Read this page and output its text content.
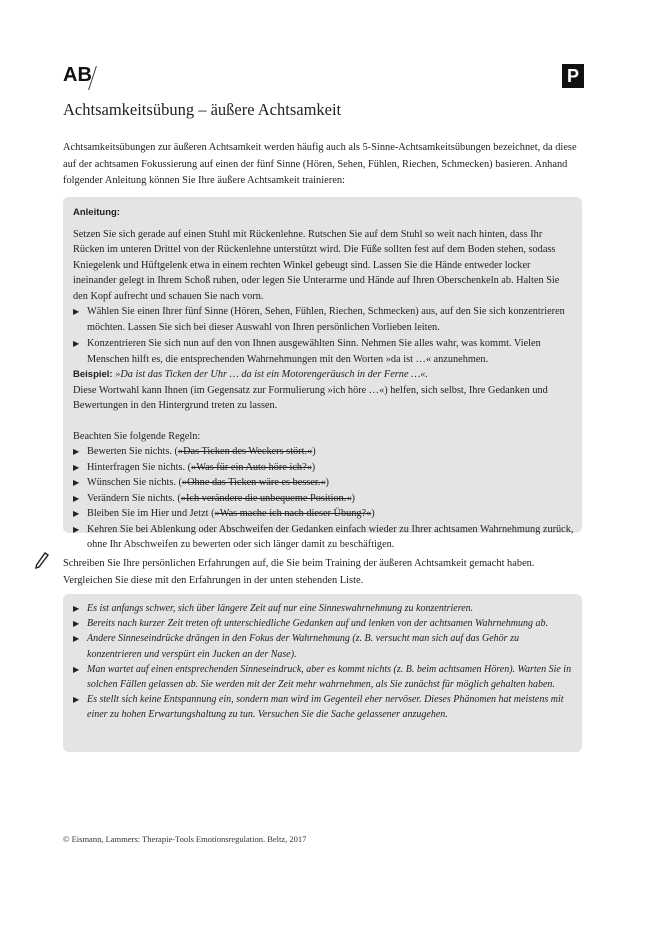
AB	P
Achtsamkeitsübung – äußere Achtsamkeit

Achtsamkeitsübungen zur äußeren Achtsamkeit werden häufig auch als 5-Sinne-Achtsamkeitsübungen bezeichnet, da diese auf der achtsamen Fokussierung auf einen der fünf Sinne (Hören, Sehen, Fühlen, Riechen, Schmecken) basieren. Anhand folgender Anleitung können Sie Ihre äußere Achtsamkeit trainieren:

Anleitung:

Setzen Sie sich gerade auf einen Stuhl mit Rückenlehne. Rutschen Sie auf dem Stuhl so weit nach hinten, dass Ihr Rücken im unteren Drittel von der Rückenlehne unterstützt wird. Die Füße sollten fest auf dem Boden stehen, sodass Kniegelenk und Hüftgelenk etwa in einem rechten Winkel gebeugt sind. Lassen Sie die Hände entweder locker ineinander gelegt in Ihrem Schoß ruhen, oder legen Sie Unterarme und Hände auf Ihren Oberschenkeln ab. Halten Sie den Kopf aufrecht und schauen Sie nach vorn.

▶ Wählen Sie einen Ihrer fünf Sinne (Hören, Sehen, Fühlen, Riechen, Schmecken) aus, auf den Sie sich konzentrieren möchten. Lassen Sie sich bei dieser Auswahl von Ihren persönlichen Vorlieben leiten.
▶ Konzentrieren Sie sich nun auf den von Ihnen ausgewählten Sinn. Nehmen Sie alles wahr, was kommt. Vielen Menschen hilft es, die entsprechenden Wahrnehmungen mit den Worten »da ist …« anzunehmen.

Beispiel: »Da ist das Ticken der Uhr … da ist ein Motorengeräusch in der Ferne …«.

Diese Wortwahl kann Ihnen (im Gegensatz zur Formulierung »ich höre …«) helfen, sich selbst, Ihre Gedanken und Bewertungen in den Hintergrund treten zu lassen.

Beachten Sie folgende Regeln:

▶ Bewerten Sie nichts. (»Das Ticken des Weckers stört.«)
▶ Hinterfragen Sie nichts. (»Was für ein Auto höre ich?«)
▶ Wünschen Sie nichts. (»Ohne das Ticken wäre es besser.«)
▶ Verändern Sie nichts. (»Ich verändere die unbequeme Position.«)
▶ Bleiben Sie im Hier und Jetzt (»Was mache ich nach dieser Übung?«)
▶ Kehren Sie bei Ablenkung oder Abschweifen der Gedanken einfach wieder zu Ihrer achtsamen Wahrnehmung zurück, ohne Ihr Abschweifen zu bewerten oder sich länger damit zu beschäftigen.

Schreiben Sie Ihre persönlichen Erfahrungen auf, die Sie beim Training der äußeren Achtsamkeit gemacht haben. Vergleichen Sie diese mit den Erfahrungen in der unten stehenden Liste.

▶ Es ist anfangs schwer, sich über längere Zeit auf nur eine Sinneswahrnehmung zu konzentrieren.
▶ Bereits nach kurzer Zeit treten oft unterschiedliche Gedanken auf und lenken von der achtsamen Wahrnehmung ab.
▶ Andere Sinneseindrücke drängen in den Fokus der Wahrnehmung (z. B. versucht man sich auf das Gehör zu konzentrieren und verspürt ein Jucken an der Nase).
▶ Man wartet auf einen entsprechenden Sinneseindruck, aber es kommt nichts (z. B. beim achtsamen Hören). Warten Sie in solchen Fällen gelassen ab. Sie werden mit der Zeit mehr wahrnehmen, als Sie zunächst für möglich gehalten haben.
▶ Es stellt sich keine Entspannung ein, sondern man wird im Gegenteil eher nervöser. Dieses Phänomen hat meistens mit einer zu hohen Erwartungshaltung zu tun. Versuchen Sie die Sache gelassener anzugehen.
© Eismann, Lammers: Therapie-Tools Emotionsregulation. Beltz, 2017
